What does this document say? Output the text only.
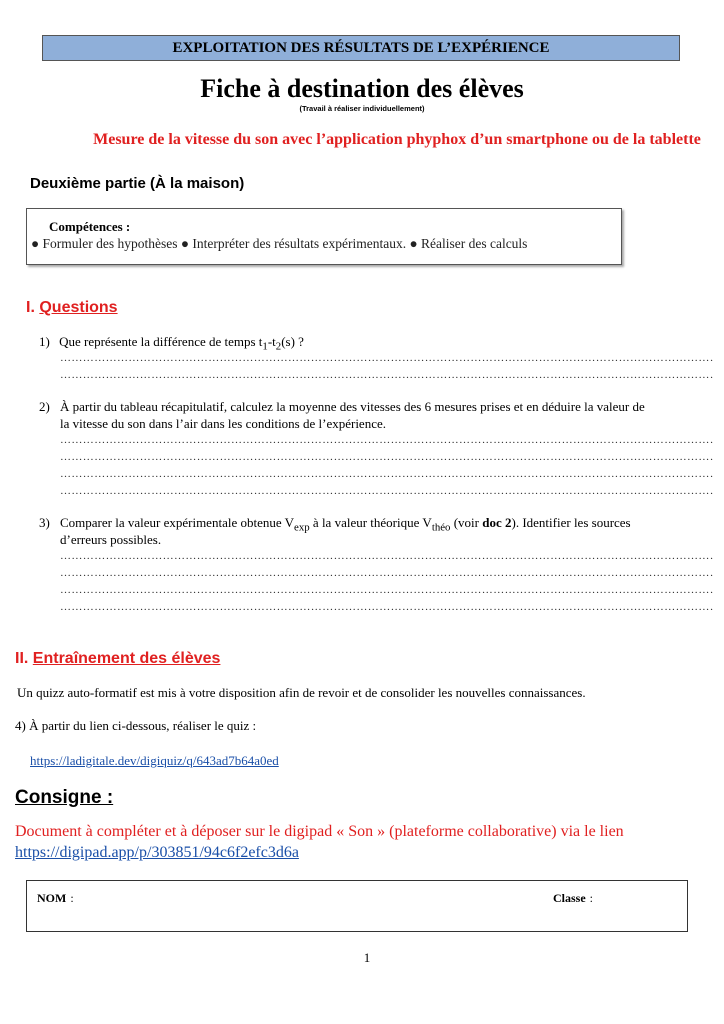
EXPLOITATION DES RÉSULTATS DE L’EXPÉRIENCE
Fiche à destination des élèves
(Travail à réaliser individuellement)
Mesure de la vitesse du son avec l’application phyphox d’un smartphone ou de la tablette
Deuxième partie (À la maison)
Compétences :
● Formuler des hypothèses ● Interpréter des résultats expérimentaux. ● Réaliser des calculs
I. Questions
1) Que représente la différence de temps $t_1-t_2(s)$ ?
…………………………………………………………………………………………………………………………………………………………………
…………………………………………………………………………………………………………………………………………………………………
2) À partir du tableau récapitulatif, calculez la moyenne des vitesses des 6 mesures prises et en déduire la valeur de
la vitesse du son dans l’air dans les conditions de l’expérience.
…………………………………………………………………………………………………………………………………………………………………
…………………………………………………………………………………………………………………………………………………………………
…………………………………………………………………………………………………………………………………………………………………
…………………………………………………………………………………………………………………………………………………………………
3) Comparer la valeur expérimentale obtenue $V_{exp}$ à la valeur théorique $V_{théo}$ (voir doc 2). Identifier les sources
d’erreurs possibles.
…………………………………………………………………………………………………………………………………………………………………
…………………………………………………………………………………………………………………………………………………………………
…………………………………………………………………………………………………………………………………………………………………
…………………………………………………………………………………………………………………………………………………………………
II. Entraînement des élèves
Un quizz auto-formatif est mis à votre disposition afin de revoir et de consolider les nouvelles connaissances.
4) À partir du lien ci-dessous, réaliser le quiz :
https://ladigitale.dev/digiquiz/q/643ad7b64a0ed
Consigne :
Document à compléter et à déposer sur le digipad « Son » (plateforme collaborative) via le lien
https://digipad.app/p/303851/94c6f2efc3d6a
NOM :	Classe :
1
